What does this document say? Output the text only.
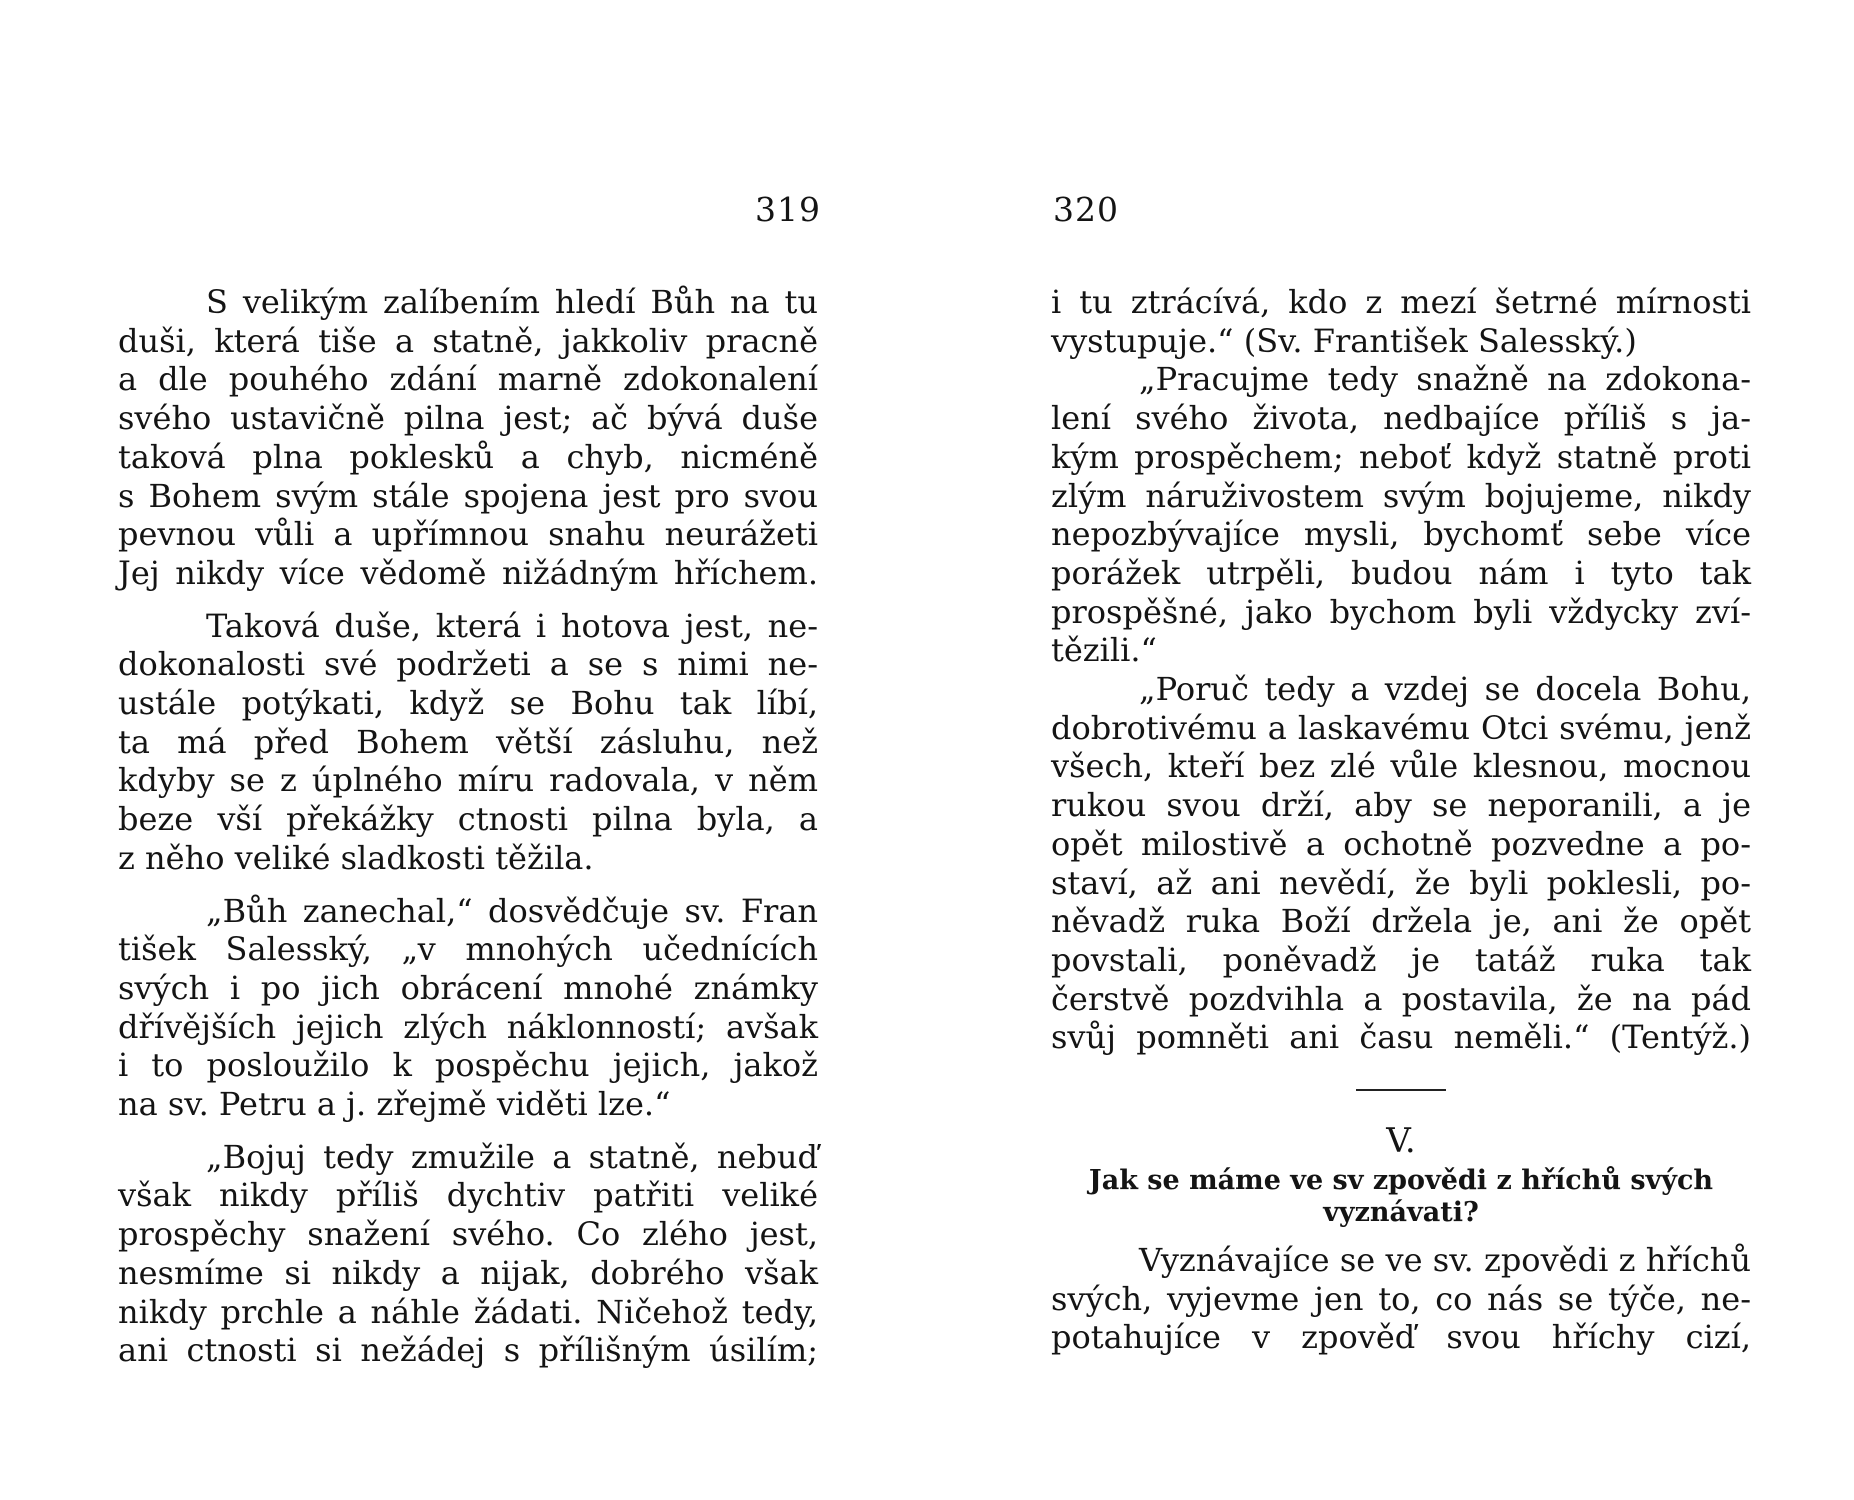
319

S velikým zalíbením hledí Bůh na tu
duši, která tiše a statně, jakkoliv pracně
a dle pouhého zdání marně zdokonalení
svého ustavičně pilna jest; ač bývá duše
taková plna poklesků a chyb, nicméně
s Bohem svým stále spojena jest pro svou
pevnou vůli a upřímnou snahu neurážeti
Jej nikdy více vědomě nižádným hříchem.

Taková duše, která i hotova jest, ne-
dokonalosti své podržeti a se s nimi ne-
ustále potýkati, když se Bohu tak líbí,
ta má před Bohem větší zásluhu, než
kdyby se z úplného míru radovala, v něm
beze vší překážky ctnosti pilna byla, a
z něho veliké sladkosti těžila.

„Bůh zanechal,“ dosvědčuje sv. Fran
tišek Salesský, „v mnohých učednících
svých i po jich obrácení mnohé známky
dřívějších jejich zlých náklonností; avšak
i to posloužilo k pospěchu jejich, jakož
na sv. Petru a j. zřejmě viděti lze.“

„Bojuj tedy zmužile a statně, nebuď
však nikdy příliš dychtiv patřiti veliké
prospěchy snažení svého. Co zlého jest,
nesmíme si nikdy a nijak, dobrého však
nikdy prchle a náhle žádati. Ničehož tedy,
ani ctnosti si nežádej s přílišným úsilím;

320

i tu ztrácívá, kdo z mezí šetrné mírnosti
vystupuje.“ (Sv. František Salesský.)

„Pracujme tedy snažně na zdokona-
lení svého života, nedbajíce příliš s ja-
kým prospěchem; neboť když statně proti
zlým náruživostem svým bojujeme, nikdy
nepozbývajíce mysli, bychomť sebe více
porážek utrpěli, budou nám i tyto tak
prospěšné, jako bychom byli vždycky zví-
tězili.“

„Poruč tedy a vzdej se docela Bohu,
dobrotivému a laskavému Otci svému, jenž
všech, kteří bez zlé vůle klesnou, mocnou
rukou svou drží, aby se neporanili, a je
opět milostivě a ochotně pozvedne a po-
staví, až ani nevědí, že byli poklesli, po-
něvadž ruka Boží držela je, ani že opět
povstali, poněvadž je tatáž ruka tak
čerstvě pozdvihla a postavila, že na pád
svůj pomněti ani času neměli.“ (Tentýž.)

V.
Jak se máme ve sv zpovědi z hříchů svých
vyznávati?

Vyznávajíce se ve sv. zpovědi z hříchů
svých, vyjevme jen to, co nás se týče, ne-
potahujíce v zpověď svou hříchy cizí,
